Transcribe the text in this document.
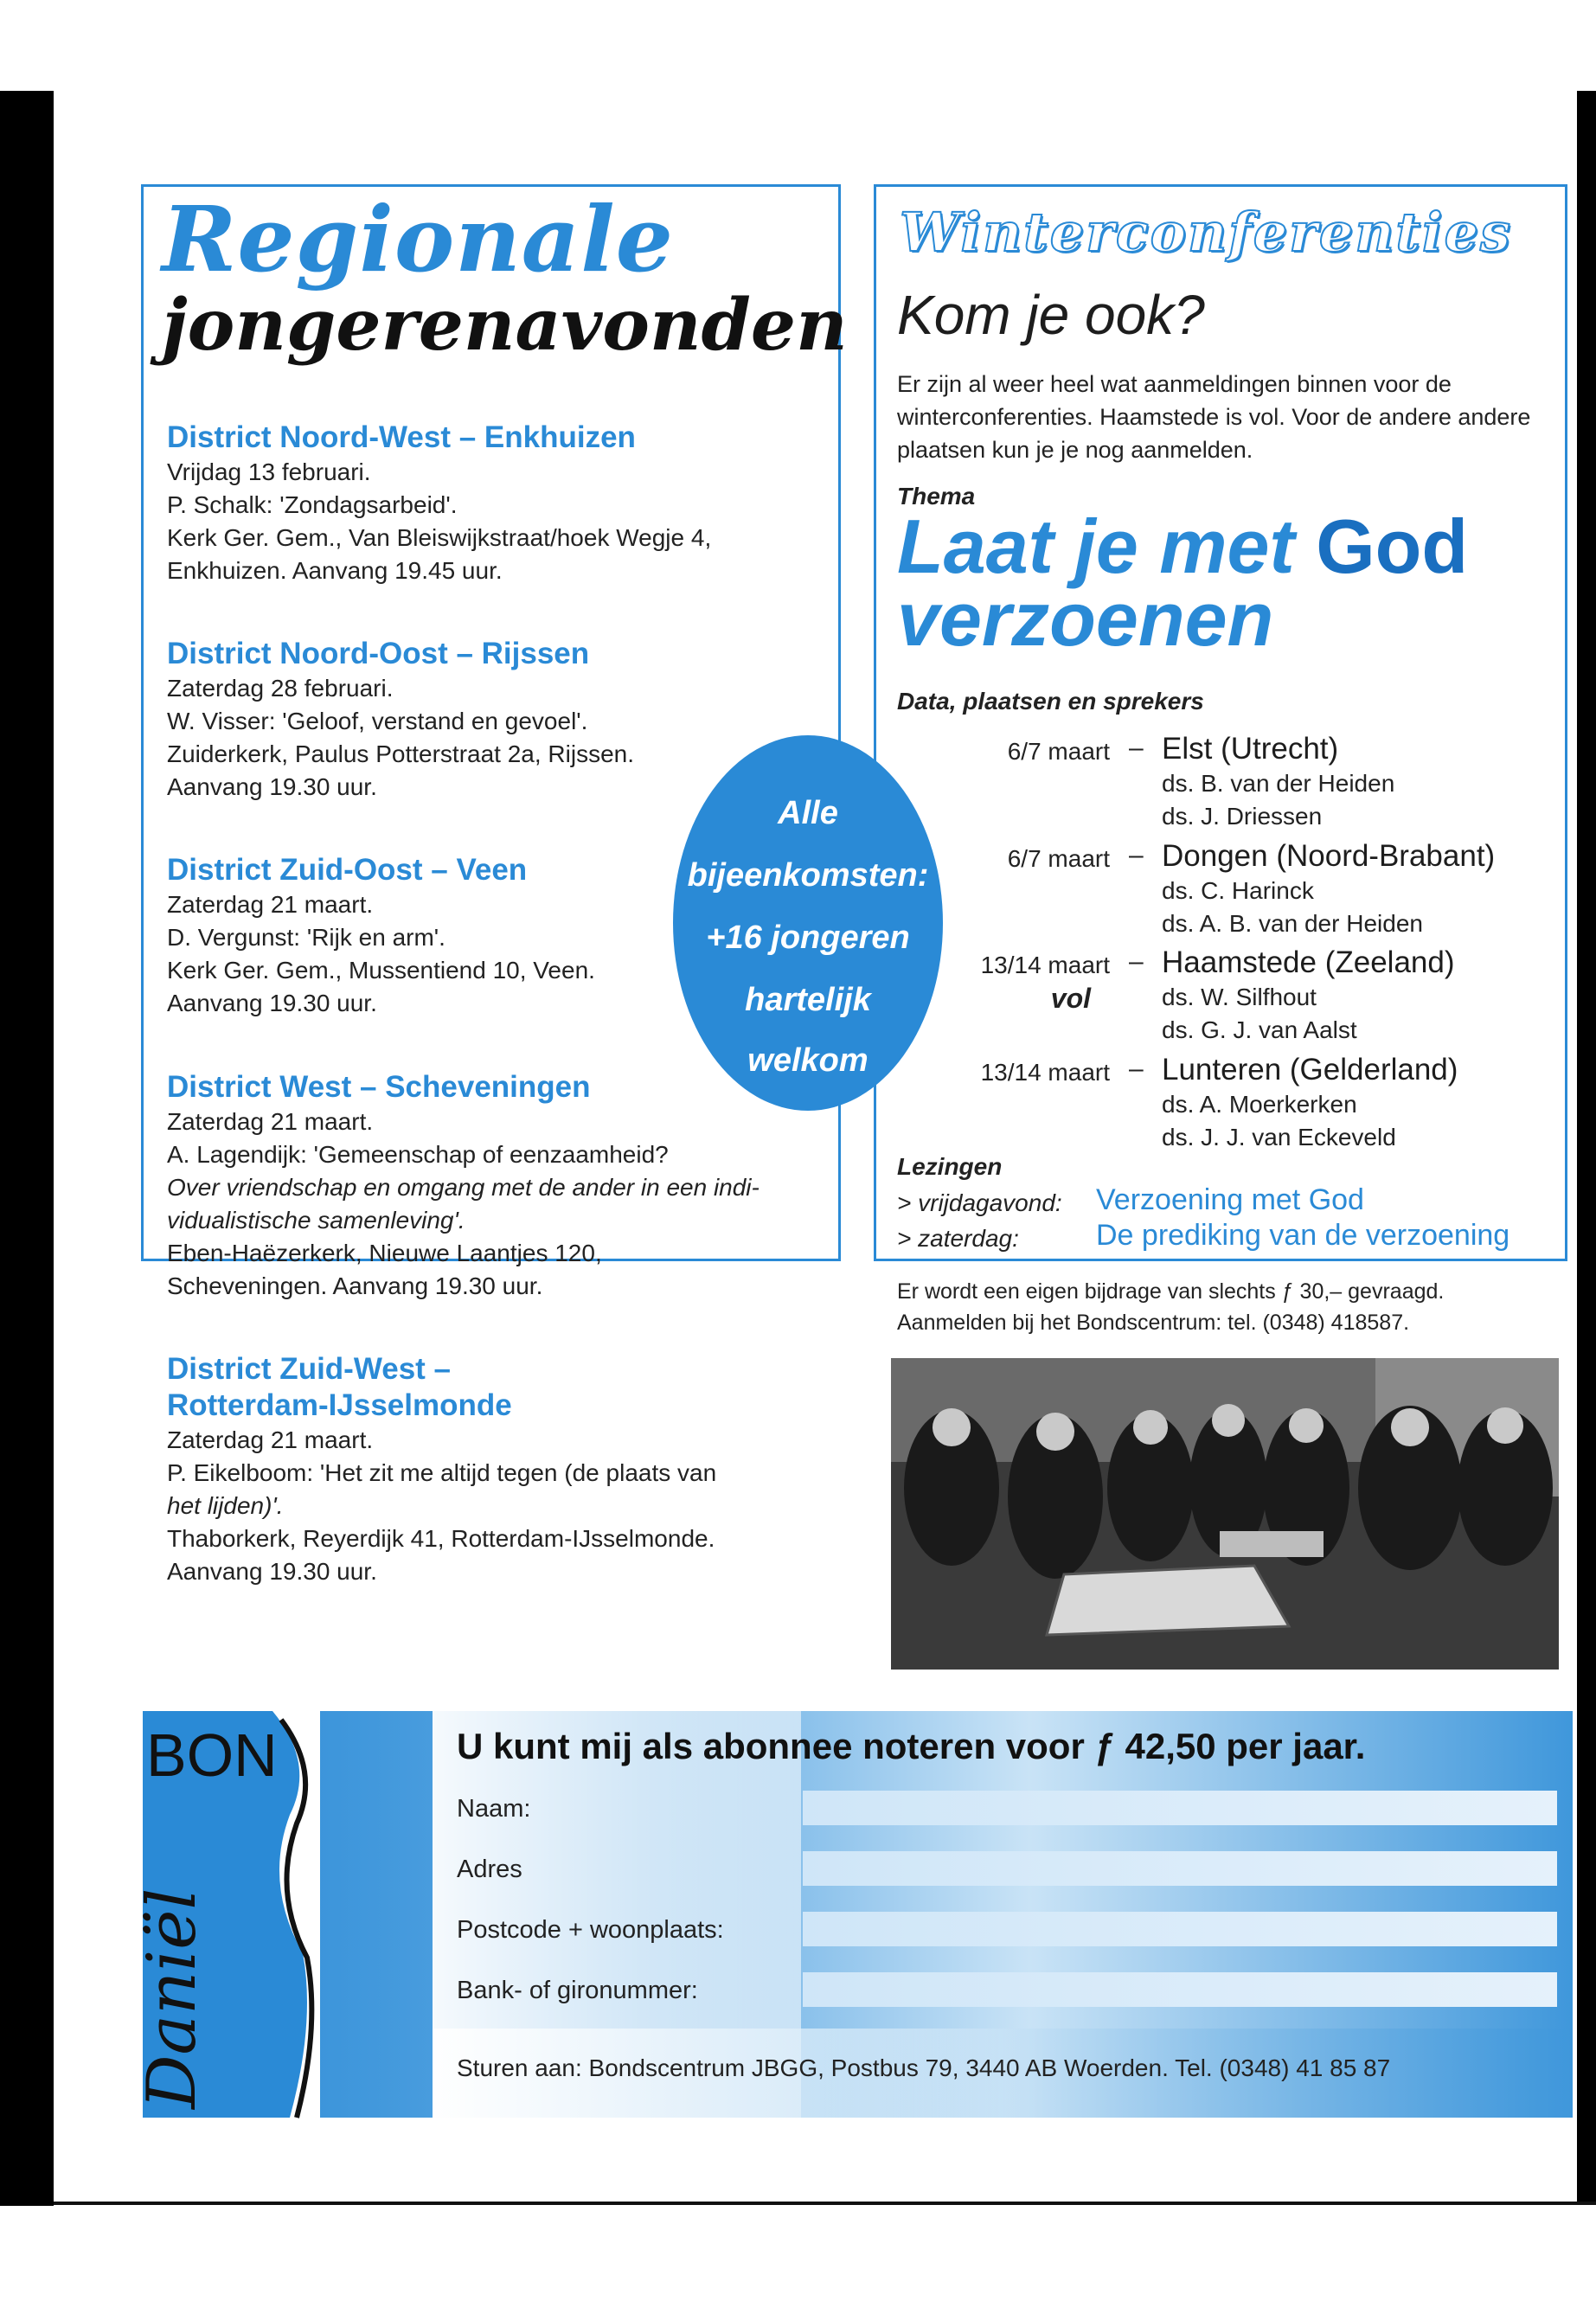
Regionale
jongerenavonden

District Noord-West – Enkhuizen

Vrijdag 13 februari.

P. Schalk: 'Zondagsarbeid'.

Kerk Ger. Gem., Van Bleiswijkstraat/hoek Wegje 4,

Enkhuizen. Aanvang 19.45 uur.

District Noord-Oost – Rijssen

Zaterdag 28 februari.

W. Visser: 'Geloof, verstand en gevoel'.

Zuiderkerk, Paulus Potterstraat 2a, Rijssen.

Aanvang 19.30 uur.

District Zuid-Oost – Veen

Zaterdag 21 maart.

D. Vergunst: 'Rijk en arm'.

Kerk Ger. Gem., Mussentiend 10, Veen.

Aanvang 19.30 uur.

District West – Scheveningen

Zaterdag 21 maart.

A. Lagendijk: 'Gemeenschap of eenzaamheid?

Over vriendschap en omgang met de ander in een indi-

vidualistische samenleving'.

Eben-Haëzerkerk, Nieuwe Laantjes 120,

Scheveningen. Aanvang 19.30 uur.

District Zuid-West –

Rotterdam-IJsselmonde

Zaterdag 21 maart.

P. Eikelboom: 'Het zit me altijd tegen (de plaats van

het lijden)'.

Thaborkerk, Reyerdijk 41, Rotterdam-IJsselmonde.

Aanvang 19.30 uur.

Winterconferenties
Kom je ook?
Er zijn al weer heel wat aanmeldingen binnen voor de winterconferenties. Haamstede is vol. Voor de andere andere plaatsen kun je je nog aanmelden.
Thema
Laat je met God
verzoenen
Data, plaatsen en sprekers
6/7 maart – Elst (Utrecht)
ds. B. van der Heiden
ds. J. Driessen
6/7 maart – Dongen (Noord-Brabant)
ds. C. Harinck
ds. A. B. van der Heiden
13/14 maart
vol
– Haamstede (Zeeland)
ds. W. Silfhout
ds. G. J. van Aalst
13/14 maart – Lunteren (Gelderland)
ds. A. Moerkerken
ds. J. J. van Eckeveld
Lezingen
> vrijdagavond: Verzoening met God
> zaterdag:	De prediking van de verzoening
Er wordt een eigen bijdrage van slechts ƒ 30,– gevraagd.
Aanmelden bij het Bondscentrum: tel. (0348) 418587.
Alle
bijeenkomsten:
+16 jongeren
hartelijk
welkom
BON
Daniël
U kunt mij als abonnee noteren voor ƒ 42,50 per jaar.
Naam:
Adres
Postcode + woonplaats:
Bank- of gironummer:
Sturen aan: Bondscentrum JBGG, Postbus 79, 3440 AB Woerden. Tel. (0348) 41 85 87
